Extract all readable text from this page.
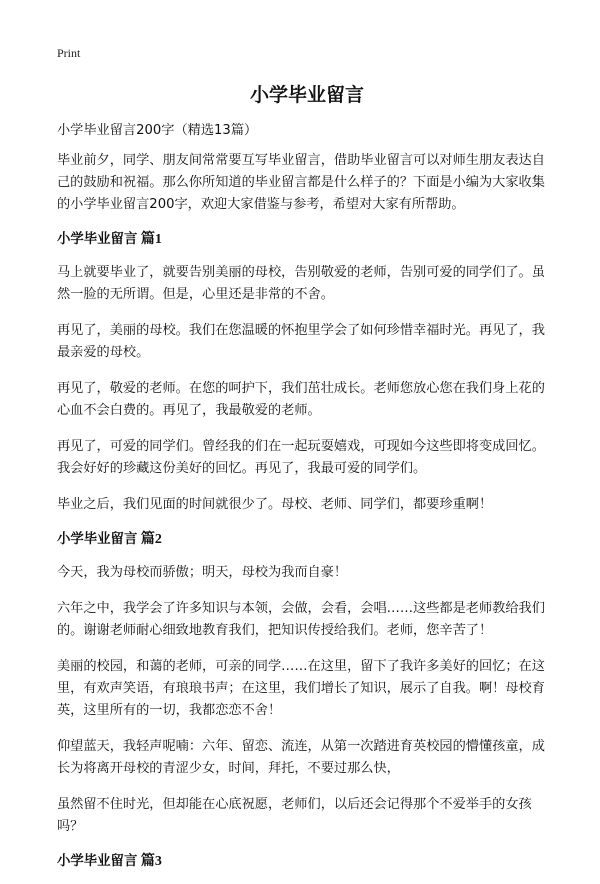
Print
小学毕业留言

小学毕业留言200字（精选13篇）

毕业前夕，同学、朋友间常常要互写毕业留言，借助毕业留言可以对师生朋友表达自己的鼓励和祝福。那么你所知道的毕业留言都是什么样子的？下面是小编为大家收集的小学毕业留言200字，欢迎大家借鉴与参考，希望对大家有所帮助。

小学毕业留言 篇1

马上就要毕业了，就要告别美丽的母校，告别敬爱的老师，告别可爱的同学们了。虽然一脸的无所谓。但是，心里还是非常的不舍。

再见了，美丽的母校。我们在您温暖的怀抱里学会了如何珍惜幸福时光。再见了，我最亲爱的母校。

再见了，敬爱的老师。在您的呵护下，我们茁壮成长。老师您放心您在我们身上花的心血不会白费的。再见了，我最敬爱的老师。

再见了，可爱的同学们。曾经我的们在一起玩耍嬉戏，可现如今这些即将变成回忆。我会好好的珍藏这份美好的回忆。再见了，我最可爱的同学们。

毕业之后，我们见面的时间就很少了。母校、老师、同学们，都要珍重啊！

小学毕业留言 篇2

今天，我为母校而骄傲；明天，母校为我而自豪！

六年之中，我学会了许多知识与本领，会做，会看，会唱……这些都是老师教给我们的。谢谢老师耐心细致地教育我们，把知识传授给我们。老师，您辛苦了！

美丽的校园，和蔼的老师，可亲的同学……在这里，留下了我许多美好的回忆；在这里，有欢声笑语，有琅琅书声；在这里，我们增长了知识，展示了自我。啊！母校育英，这里所有的一切，我都恋恋不舍！

仰望蓝天，我轻声呢喃：六年、留恋、流连，从第一次踏进育英校园的懵懂孩童，成长为将离开母校的青涩少女，时间，拜托，不要过那么快，

虽然留不住时光，但却能在心底祝愿，老师们，以后还会记得那个不爱举手的女孩吗？

小学毕业留言 篇3
